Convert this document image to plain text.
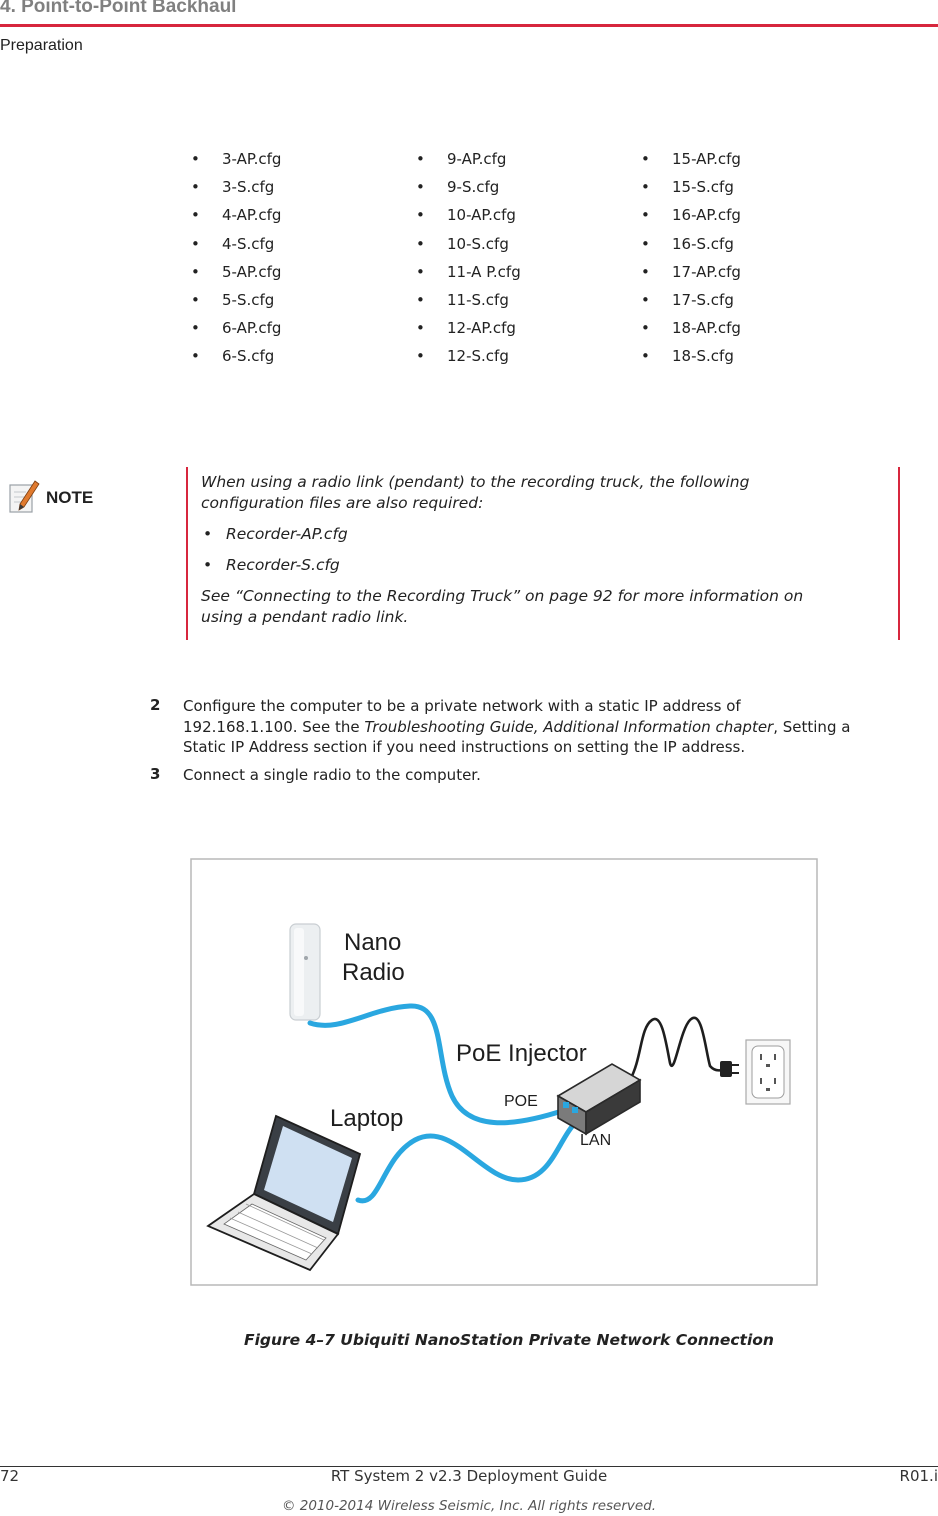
4. Point-to-Point Backhaul
Preparation
• 3-AP.cfg
• 3-S.cfg
• 4-AP.cfg
• 4-S.cfg
• 5-AP.cfg
• 5-S.cfg
• 6-AP.cfg
• 6-S.cfg
• 9-AP.cfg
• 9-S.cfg
• 10-AP.cfg
• 10-S.cfg
• 11-A P.cfg
• 11-S.cfg
• 12-AP.cfg
• 12-S.cfg
• 15-AP.cfg
• 15-S.cfg
• 16-AP.cfg
• 16-S.cfg
• 17-AP.cfg
• 17-S.cfg
• 18-AP.cfg
• 18-S.cfg
NOTE
When using a radio link (pendant) to the recording truck, the following
configuration files are also required:
• Recorder-AP.cfg
• Recorder-S.cfg
See “Connecting to the Recording Truck” on page 92 for more information on
using a pendant radio link.
2 Configure the computer to be a private network with a static IP address of
192.168.1.100. See the Troubleshooting Guide, Additional Information chapter, Setting a
Static IP Address section if you need instructions on setting the IP address.
3 Connect a single radio to the computer.
Nano
Radio
PoE Injector
Laptop
POE
LAN
Figure 4–7 Ubiquiti NanoStation Private Network Connection
72	RT System 2 v2.3 Deployment Guide	R01.i
© 2010-2014 Wireless Seismic, Inc. All rights reserved.
